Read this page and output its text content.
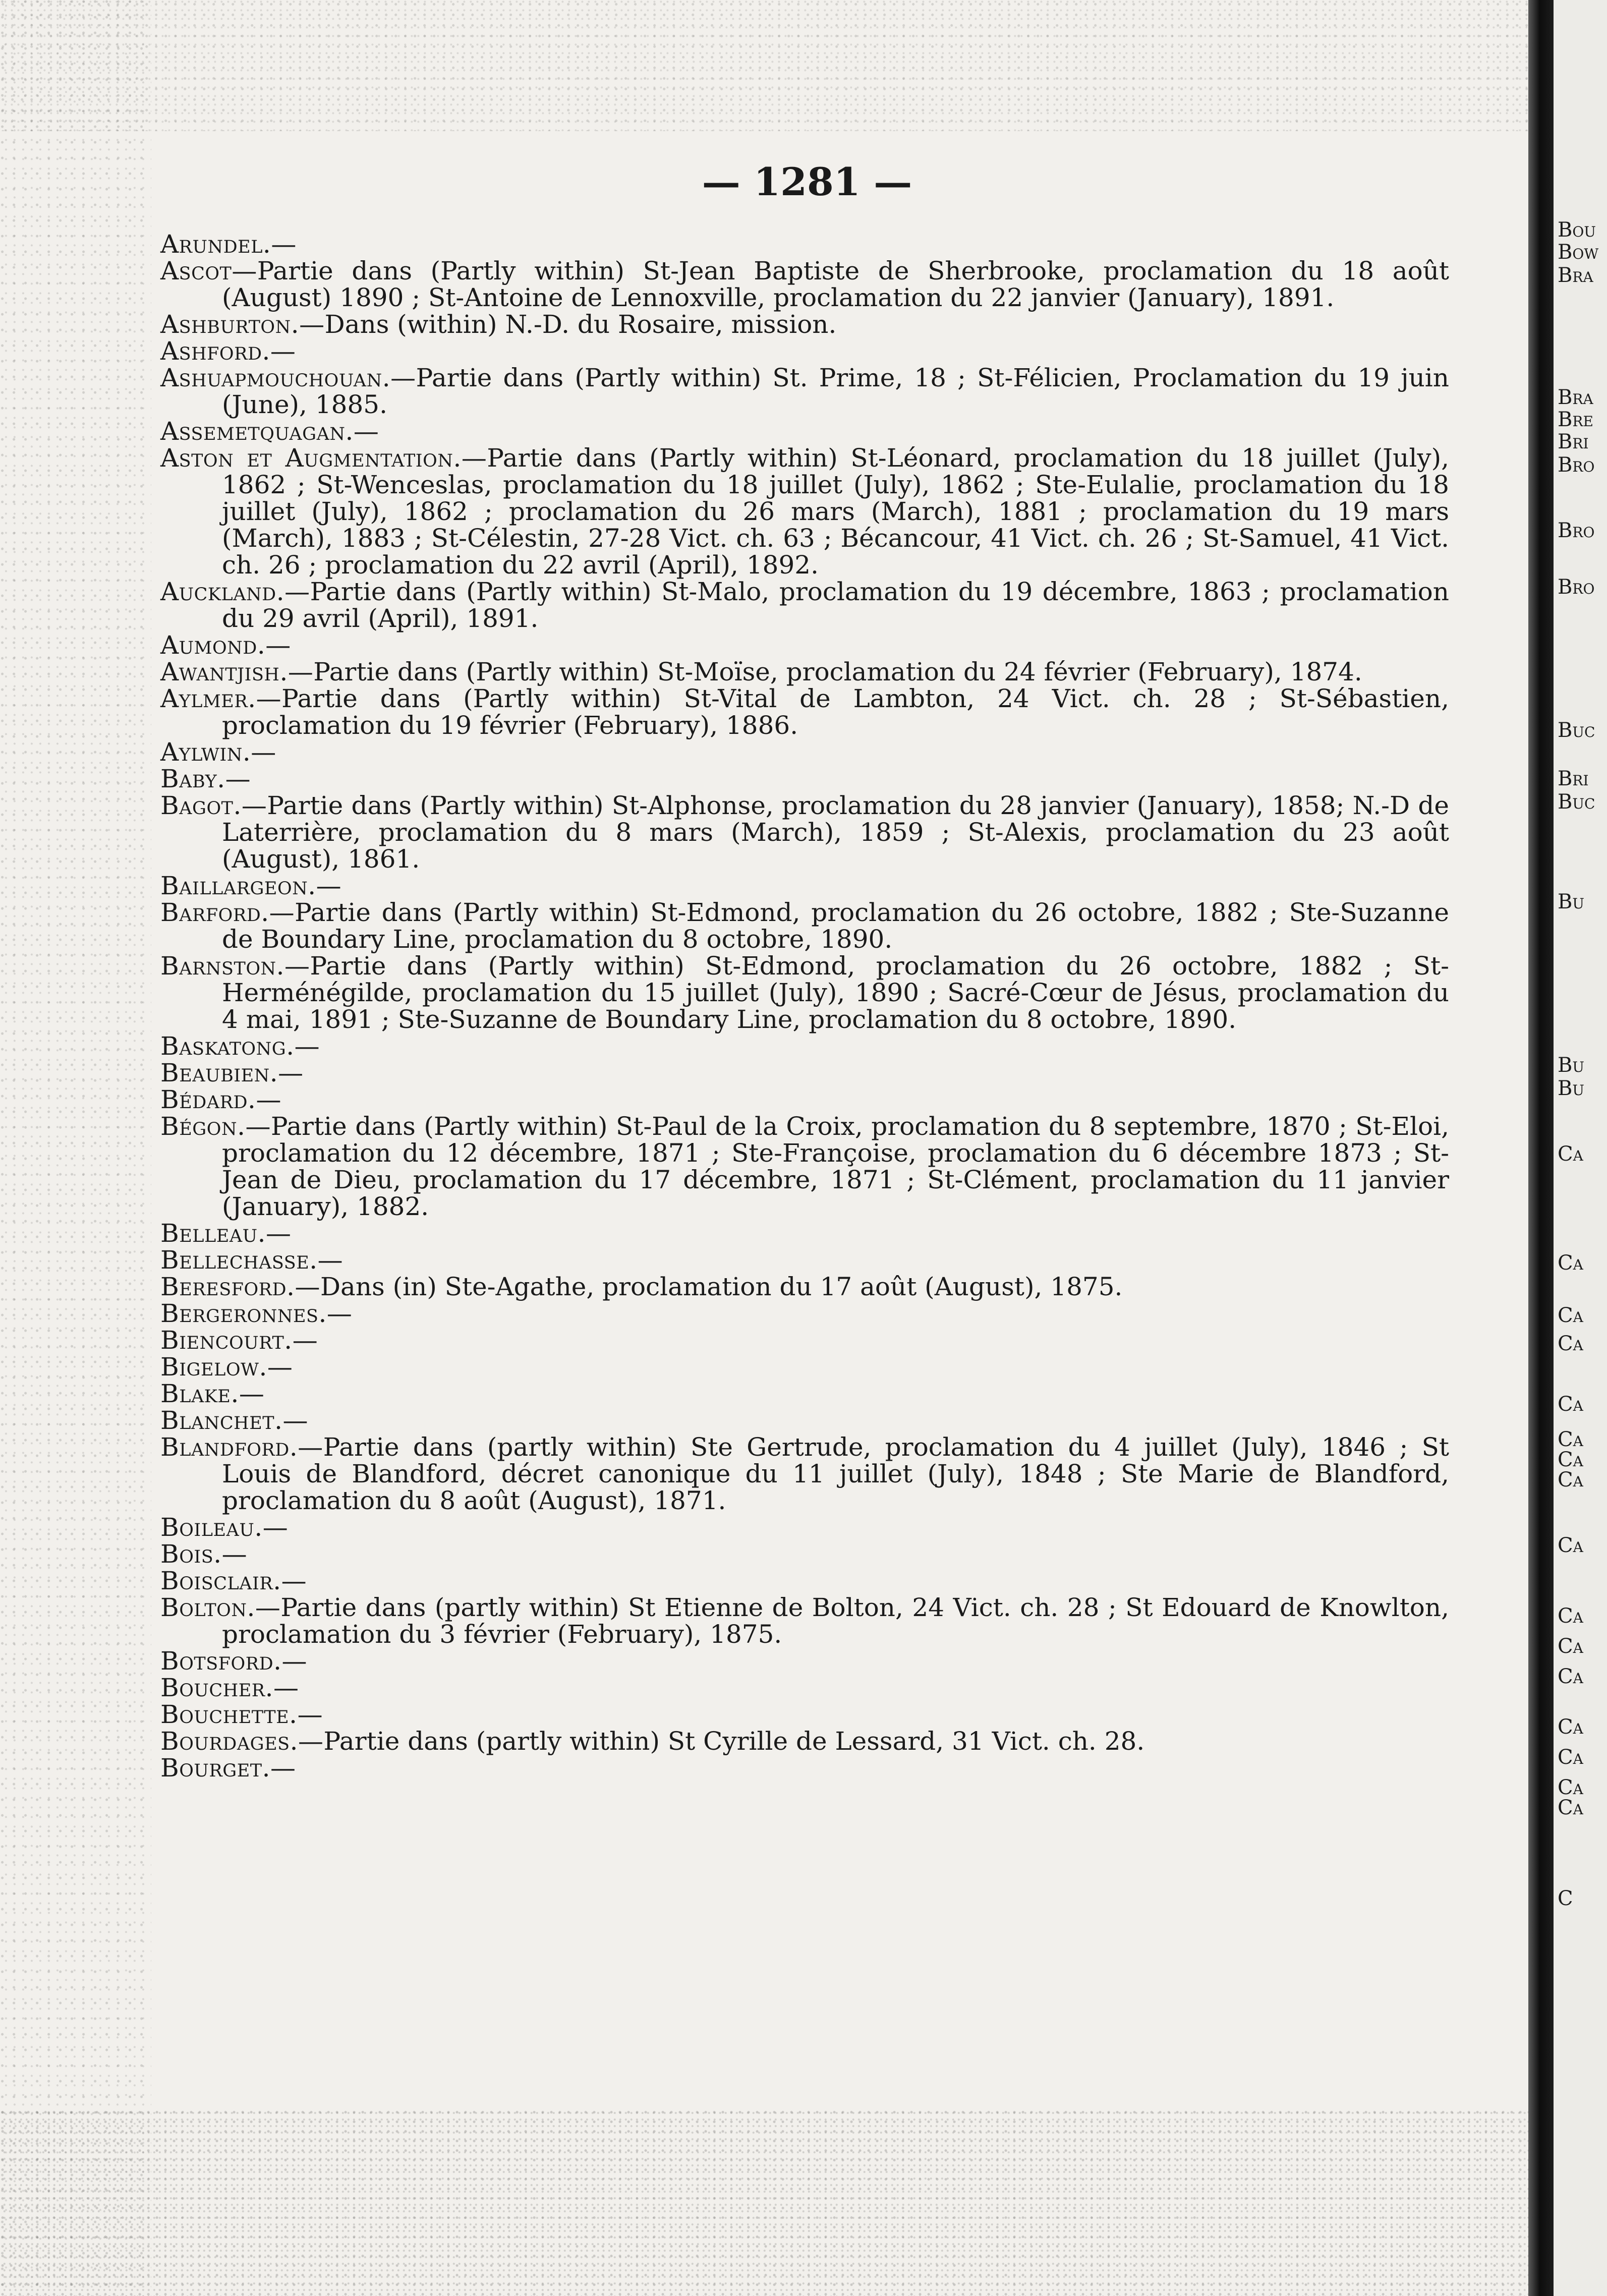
— 1281 —
Arundel.—
Ascot—Partie dans (Partly within) St-Jean Baptiste de Sherbrooke, proclamation du 18 août (August) 1890 ; St-Antoine de Lennoxville, proclamation du 22 janvier (January), 1891.
Ashburton.—Dans (within) N.-D. du Rosaire, mission.
Ashford.—
Ashuapmouchouan.—Partie dans (Partly within) St. Prime, 18 ; St-Félicien, Proclamation du 19 juin (June), 1885.
Assemetquagan.—
Aston et Augmentation.—Partie dans (Partly within) St-Léonard, proclamation du 18 juillet (July), 1862 ; St-Wenceslas, proclamation du 18 juillet (July), 1862 ; Ste-Eulalie, proclamation du 18 juillet (July), 1862 ; proclamation du 26 mars (March), 1881 ; proclamation du 19 mars (March), 1883 ; St-Célestin, 27-28 Vict. ch. 63 ; Bécancour, 41 Vict. ch. 26 ; St-Samuel, 41 Vict. ch. 26 ; proclamation du 22 avril (April), 1892.
Auckland.—Partie dans (Partly within) St-Malo, proclamation du 19 décembre, 1863 ; proclamation du 29 avril (April), 1891.
Aumond.—
Awantjish.—Partie dans (Partly within) St-Moïse, proclamation du 24 février (February), 1874.
Aylmer.—Partie dans (Partly within) St-Vital de Lambton, 24 Vict. ch. 28 ; St-Sébastien, proclamation du 19 février (February), 1886.
Aylwin.—
Baby.—
Bagot.—Partie dans (Partly within) St-Alphonse, proclamation du 28 janvier (January), 1858; N.-D de Laterrière, proclamation du 8 mars (March), 1859 ; St-Alexis, proclamation du 23 août (August), 1861.
Baillargeon.—
Barford.—Partie dans (Partly within) St-Edmond, proclamation du 26 octobre, 1882 ; Ste-Suzanne de Boundary Line, proclamation du 8 octobre, 1890.
Barnston.—Partie dans (Partly within) St-Edmond, proclamation du 26 octobre, 1882 ; St-Herménégilde, proclamation du 15 juillet (July), 1890 ; Sacré-Cœur de Jésus, proclamation du 4 mai, 1891 ; Ste-Suzanne de Boundary Line, proclamation du 8 octobre, 1890.
Baskatong.—
Beaubien.—
Bédard.—
Bégon.—Partie dans (Partly within) St-Paul de la Croix, proclamation du 8 septembre, 1870 ; St-Eloi, proclamation du 12 décembre, 1871 ; Ste-Françoise, proclamation du 6 décembre 1873 ; St-Jean de Dieu, proclamation du 17 décembre, 1871 ; St-Clément, proclamation du 11 janvier (January), 1882.
Belleau.—
Bellechasse.—
Beresford.—Dans (in) Ste-Agathe, proclamation du 17 août (August), 1875.
Bergeronnes.—
Biencourt.—
Bigelow.—
Blake.—
Blanchet.—
Blandford.—Partie dans (partly within) Ste Gertrude, proclamation du 4 juillet (July), 1846 ; St Louis de Blandford, décret canonique du 11 juillet (July), 1848 ; Ste Marie de Blandford, proclamation du 8 août (August), 1871.
Boileau.—
Bois.—
Boisclair.—
Bolton.—Partie dans (partly within) St Etienne de Bolton, 24 Vict. ch. 28 ; St Edouard de Knowlton, proclamation du 3 février (February), 1875.
Botsford.—
Boucher.—
Bouchette.—
Bourdages.—Partie dans (partly within) St Cyrille de Lessard, 31 Vict. ch. 28.
Bourget.—
Bou
Bow
Bra
Bra
Bre
Bri
Bro
Bro
Bro
Buc
Bri
Buc
Bu
Bu
Bu
Ca
Ca
Ca
Ca
Ca
Ca
Ca
Ca
Ca
Ca
Ca
Ca
Ca
Ca
Ca
Ca
C
